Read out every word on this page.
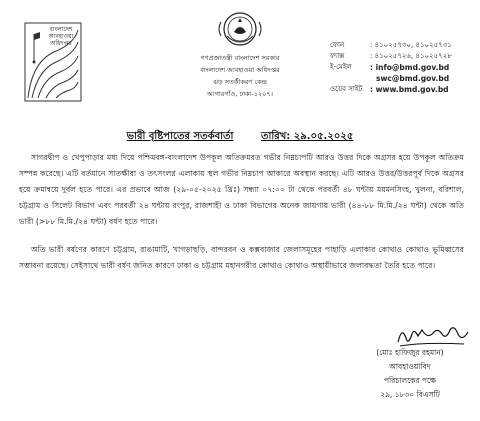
বাংলাদেশ আবহাওয়া অধিদপ্তর
গণপ্রজাতন্ত্রী বাংলাদেশ সরকার
বাংলাদেশ আবহাওয়া অধিদপ্তর
ঝড় সতর্কীকরণ কেন্দ্র
আগারগাঁও, ঢাকা-১২০৭।
ফোন	: ৪১০২৫৭৩০, ৪১০২৫৭৩১
ফ্যাক্স	: ৪১০২৫৭২৬, ৪১০২৫৭২৮
ই-মেইল	: info@bmd.gov.bd
swc@bmd.gov.bd
ওয়েব সাইট	: www.bmd.gov.bd
ভারী বৃষ্টিপাতের সতর্কবার্তা	তারিখ: ২৯.০৫.২০২৫

সাগরদ্বীপ ও খেপুপাড়ার মধ্য দিয়ে পশ্চিমবঙ্গ-বাংলাদেশ উপকূল অতিক্রমরত গভীর নিম্নচাপটি আরও উত্তর দিকে অগ্রসর হয়ে উপকূল অতিক্রম সম্পন্ন করেছে। এটি বর্তমানে সাতক্ষীরা ও তৎসংলগ্ন এলাকায় স্থল গভীর নিম্নচাপ আকারে অবস্থান করছে। এটি আরও উত্তর/উত্তরপূর্ব দিকে অগ্রসর হয়ে ক্রমান্বয়ে দুর্বল হতে পারে। এর প্রভাবে আজ (২৯-০৫-২০২৫ খ্রিঃ) সন্ধ্যা ০৭:০০ টা থেকে পরবর্তী ৪৮ ঘন্টায় ময়মনসিংহ, খুলনা, বরিশাল, চট্টগ্রাম ও সিলেট বিভাগ এবং পরবর্তী ২৪ ঘন্টায় রংপুর, রাজশাহী ও ঢাকা বিভাগের অনেক জায়গায় ভারী (৪৪-৮৮ মি.মি./২৪ ঘন্টা) থেকে অতি ভারী (>৮৮ মি.মি./২৪ ঘন্টা) বর্ষণ হতে পারে।

অতি ভারী বর্ষণের কারণে চট্টগ্রাম, রাঙামাটি, খাগড়াছড়ি, বান্দরবন ও কক্সবাজার জেলাসমূহের পাহাড়ি এলাকার কোথাও কোথাও ভূমিধ্বসের সম্ভাবনা রয়েছে। সেইসাথে ভারী বর্ষণ জনিত কারণে ঢাকা ও চট্টগ্রাম মহানগরীর কোথাও কোথাও অস্থায়ীভাবে জলাবদ্ধতা তৈরি হতে পারে।

(মোঃ হাফিজুর রহমান)
আবহাওয়াবিদ
পরিচালকের পক্ষে
২৯, ১৮৩০ বিএসটি
